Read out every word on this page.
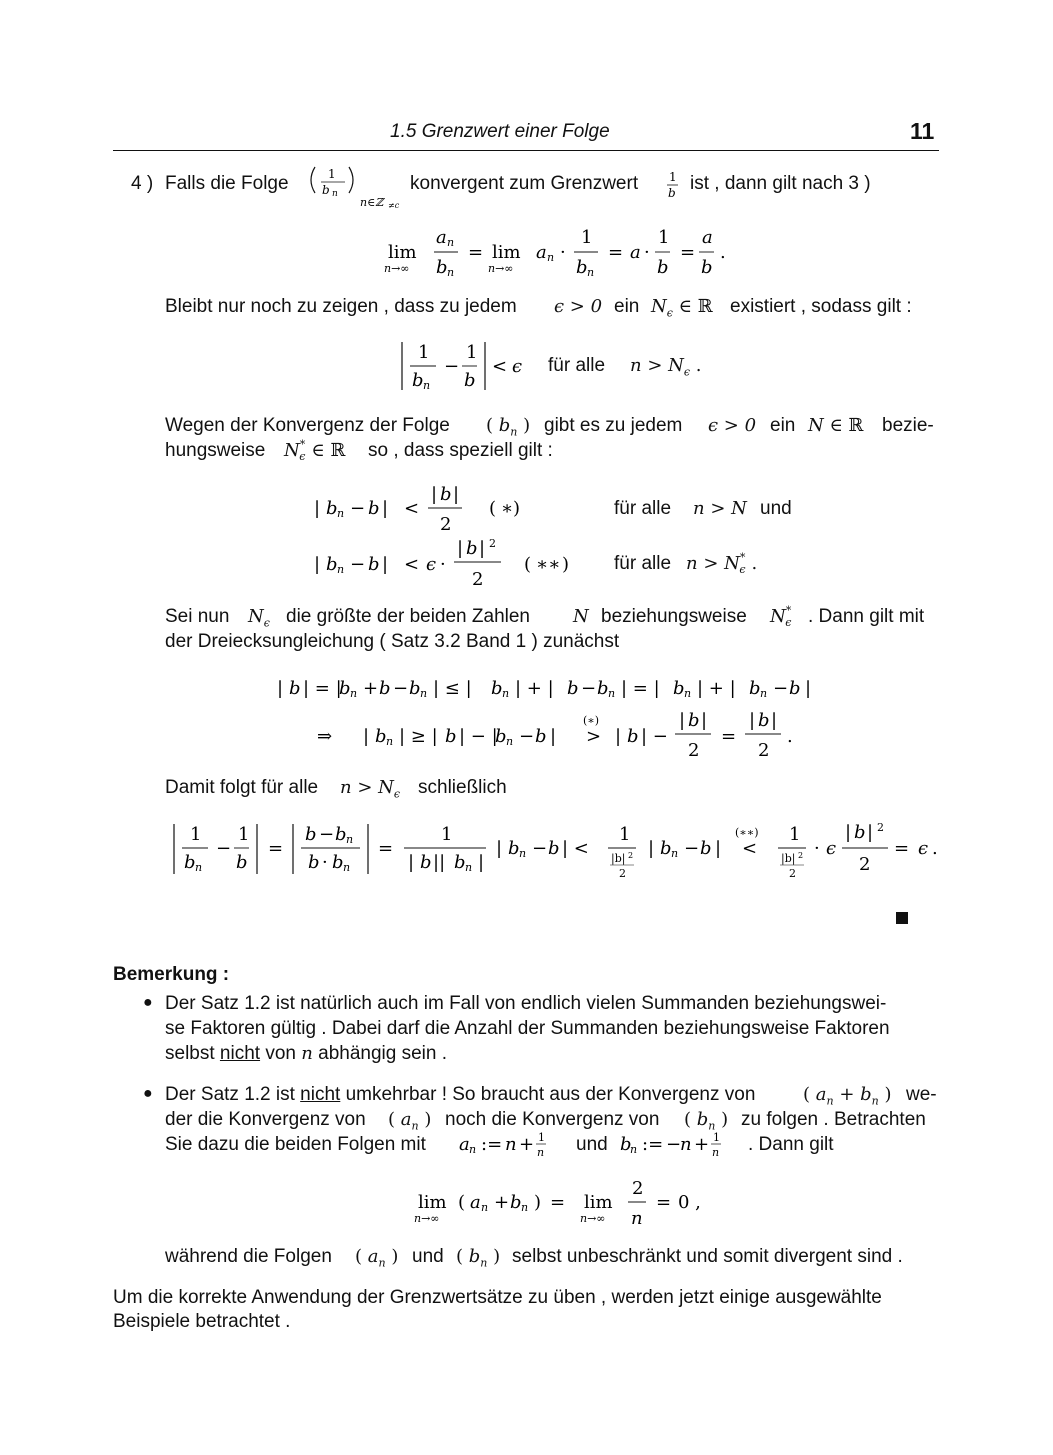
1.5 Grenzwert einer Folge	11
4 ) Falls die Folge	1
b n
n∈ℤ ≠c
konvergent zum Grenzwert	1
b ist , dann gilt nach 3 )
lim
n→∞
a n
b n
= lim
n→∞
a n ·
1
b n
= a ·
1
b
=
a
b
.
Bleibt nur noch zu zeigen , dass zu jedem ϵ > 0 ein $N_\epsilon$ ∈ ℝ existiert , sodass gilt :
1
b n
−
1
b
< ϵ für alle $n > N_\epsilon$ .
Wegen der Konvergenz der Folge ( $b_n$ ) gibt es zu jedem ϵ > 0 ein N ∈ ℝ bezie-
hungsweise $N^*_\epsilon$ ∈ ℝ so , dass speziell gilt :
| b n − b | <
| b |
2
( ∗ )	für alle n > N und
| b n − b | < ϵ ·
| b | 2
2
( ∗∗ ) für alle $n > N^*_\epsilon$ .
Sei nun $N_\epsilon$ die größte der beiden Zahlen N beziehungsweise $N^*_\epsilon$ . Dann gilt mit
der Dreiecksungleichung ( Satz 3.2 Band 1 ) zunächst
| b | = |
b n + b − b n | ≤ | b n | + | b − b n | = | b n | + | b n − b |
⇒ | b n | ≥ | b | − |
b n − b |
(∗)
> | b | −
| b |
2
=
| b |
2
.
Damit folgt für alle $n > N_\epsilon$ schließlich
1
b n
−
1
b
=
b − b n
b · b n
=
1
| b || b n |
| b n − b | <
1
|b| 2
2
| b n − b |
(∗∗)
<
1
|b| 2
2
· ϵ
| b | 2
2
= ϵ .
Bemerkung :
● Der Satz 1.2 ist natürlich auch im Fall von endlich vielen Summanden beziehungswei-
se Faktoren gültig . Dabei darf die Anzahl der Summanden beziehungsweise Faktoren
selbst nicht von n abhängig sein .
● Der Satz 1.2 ist nicht umkehrbar ! So braucht aus der Konvergenz von	( $a_n + b_n$ ) we-
der die Konvergenz von ( $a_n$ ) noch die Konvergenz von ( $b_n$ ) zu folgen . Betrachten
Sie dazu die beiden Folgen mit a n := n + 1
n und b
n := −
n + 1
n . Dann gilt
lim
n→∞
( a n + b n ) = lim
n→∞
2
n
= 0 ,
während die Folgen ( $a_n$ ) und ( $b_n$ ) selbst unbeschränkt und somit divergent sind .
Um die korrekte Anwendung der Grenzwertsätze zu üben , werden jetzt einige ausgewählte
Beispiele betrachtet .
